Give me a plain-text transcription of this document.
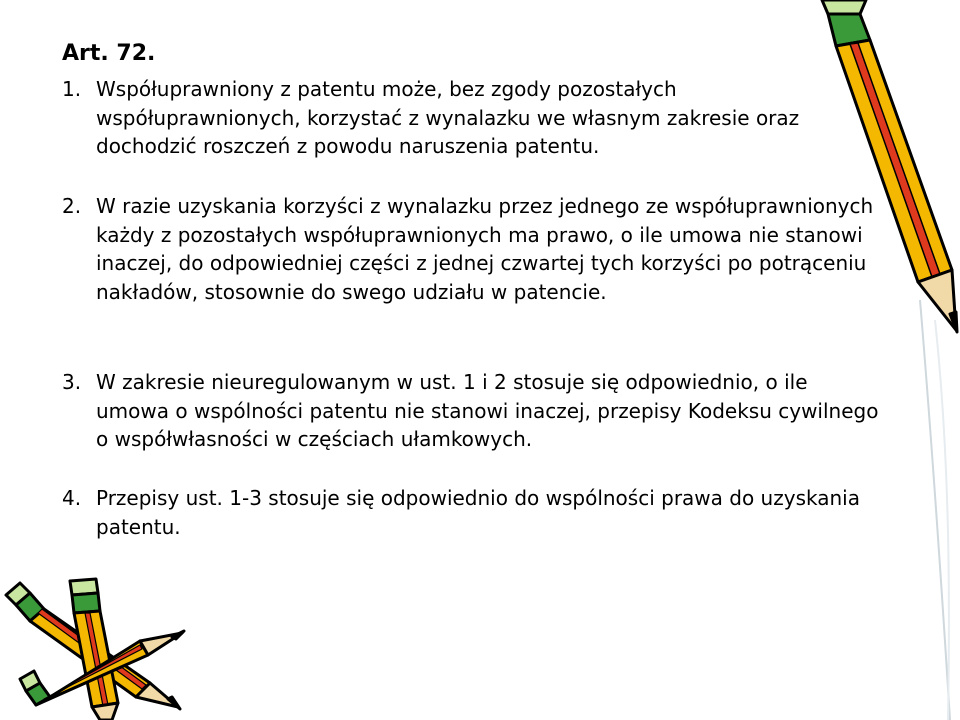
Art. 72.
1. Współuprawniony z patentu może, bez zgody pozostałych współuprawnionych, korzystać z wynalazku we własnym zakresie oraz dochodzić roszczeń z powodu naruszenia patentu.
2. W razie uzyskania korzyści z wynalazku przez jednego ze współuprawnionych każdy z pozostałych współuprawnionych ma prawo, o ile umowa nie stanowi inaczej, do odpowiedniej części z jednej czwartej tych korzyści po potrąceniu nakładów, stosownie do swego udziału w patencie.
3. W zakresie nieuregulowanym w ust. 1 i 2 stosuje się odpowiednio, o ile umowa o wspólności patentu nie stanowi inaczej, przepisy Kodeksu cywilnego o współwłasności w częściach ułamkowych.
4. Przepisy ust. 1-3 stosuje się odpowiednio do wspólności prawa do uzyskania patentu.
